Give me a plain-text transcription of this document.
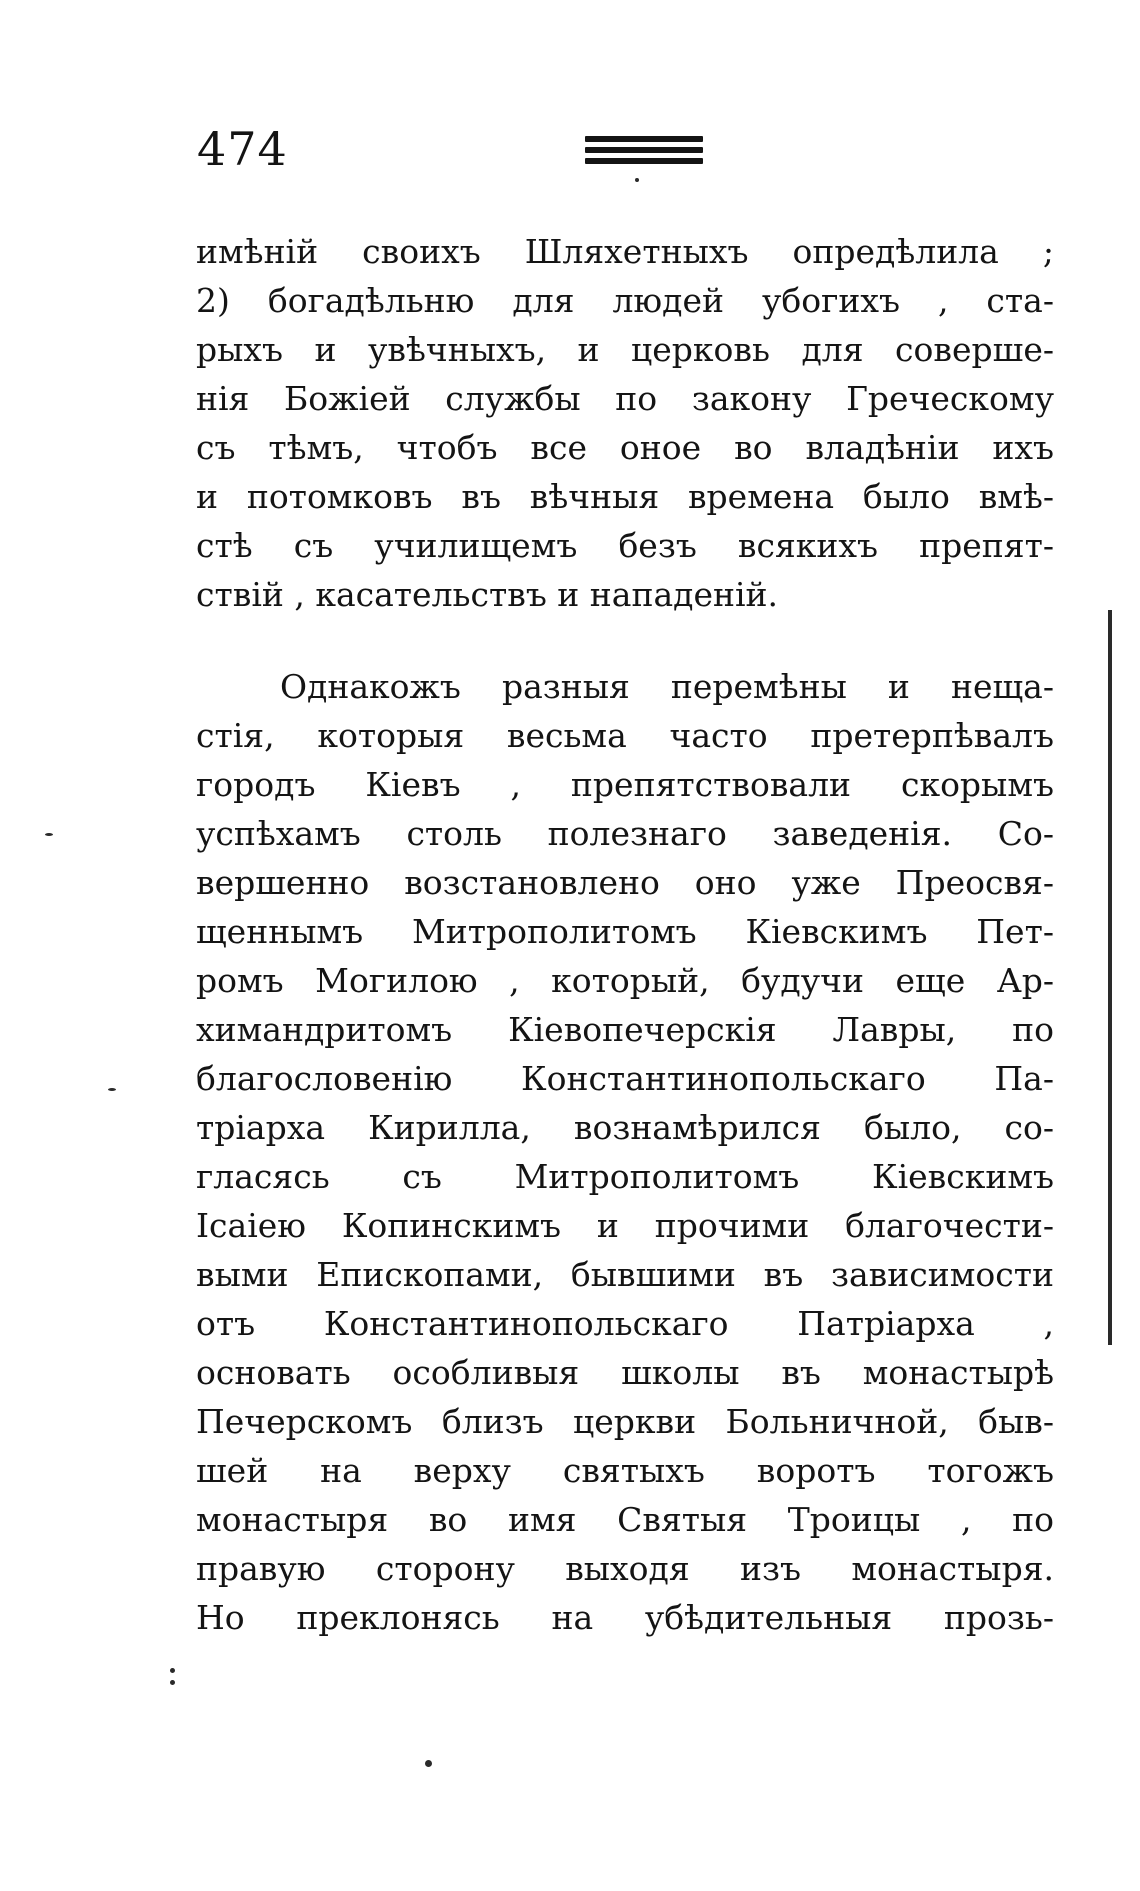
474
имѣній своихъ Шляхетныхъ опредѣлила ;
2) богадѣльню для людей убогихъ , ста-
рыхъ и увѣчныхъ, и церковь для соверше-
нія Божіей службы по закону Греческому
съ тѣмъ, чтобъ все оное во владѣніи ихъ
и потомковъ въ вѣчныя времена было вмѣ-
стѣ съ училищемъ безъ всякихъ препят-
ствій , касательствъ и нападеній.
Однакожъ разныя перемѣны и нещa-
стія, которыя весьма часто претерпѣвалъ
городъ Кіевъ , препятствовали скорымъ
успѣхамъ столь полезнаго заведенія. Со-
вершенно возстановлено оно уже Преосвя-
щеннымъ Митрополитомъ Кіевскимъ Пет-
ромъ Могилою , который, будучи еще Ар-
химандритомъ Кіевопечерскія Лавры, по
благословенію Константинопольскаго Па-
тріарха Кирилла, вознамѣрился было, со-
гласясь съ Митрополитомъ Кіевскимъ
Ісаіею Копинскимъ и прочими благочести-
выми Епископами, бывшими въ зависимости
отъ Константинопольскаго Патріарха ,
основать особливыя школы въ монастырѣ
Печерскомъ близъ церкви Больничной, быв-
шей на верху святыхъ воротъ тогожъ
монастыря во имя Святыя Троицы , по
правую сторону выходя изъ монастыря.
Но преклонясь на убѣдительныя прозь-
